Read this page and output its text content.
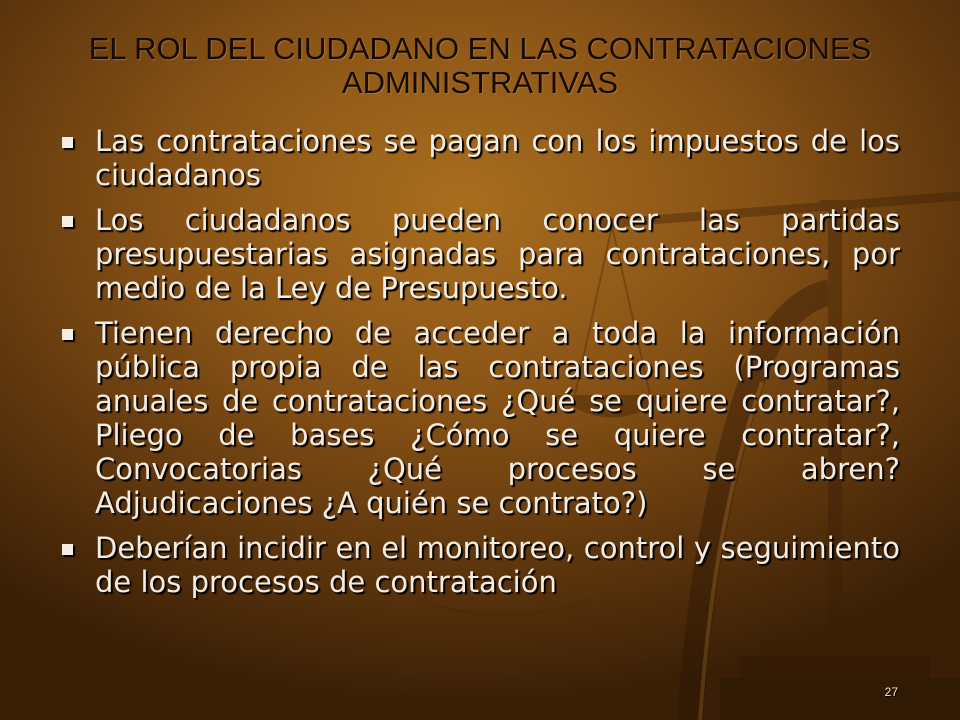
EL ROL DEL CIUDADANO EN LAS CONTRATACIONES ADMINISTRATIVAS
Las contrataciones se pagan con los impuestos de los ciudadanos
Los ciudadanos pueden conocer las partidas presupuestarias asignadas para contrataciones, por medio de la Ley de Presupuesto.
Tienen derecho de acceder a toda la información pública propia de las contrataciones (Programas anuales de contrataciones ¿Qué se quiere contratar?, Pliego de bases ¿Cómo se quiere contratar?, Convocatorias ¿Qué procesos se abren? Adjudicaciones ¿A quién se contrato?)
Deberían incidir en el monitoreo, control y seguimiento de los procesos de contratación
27
